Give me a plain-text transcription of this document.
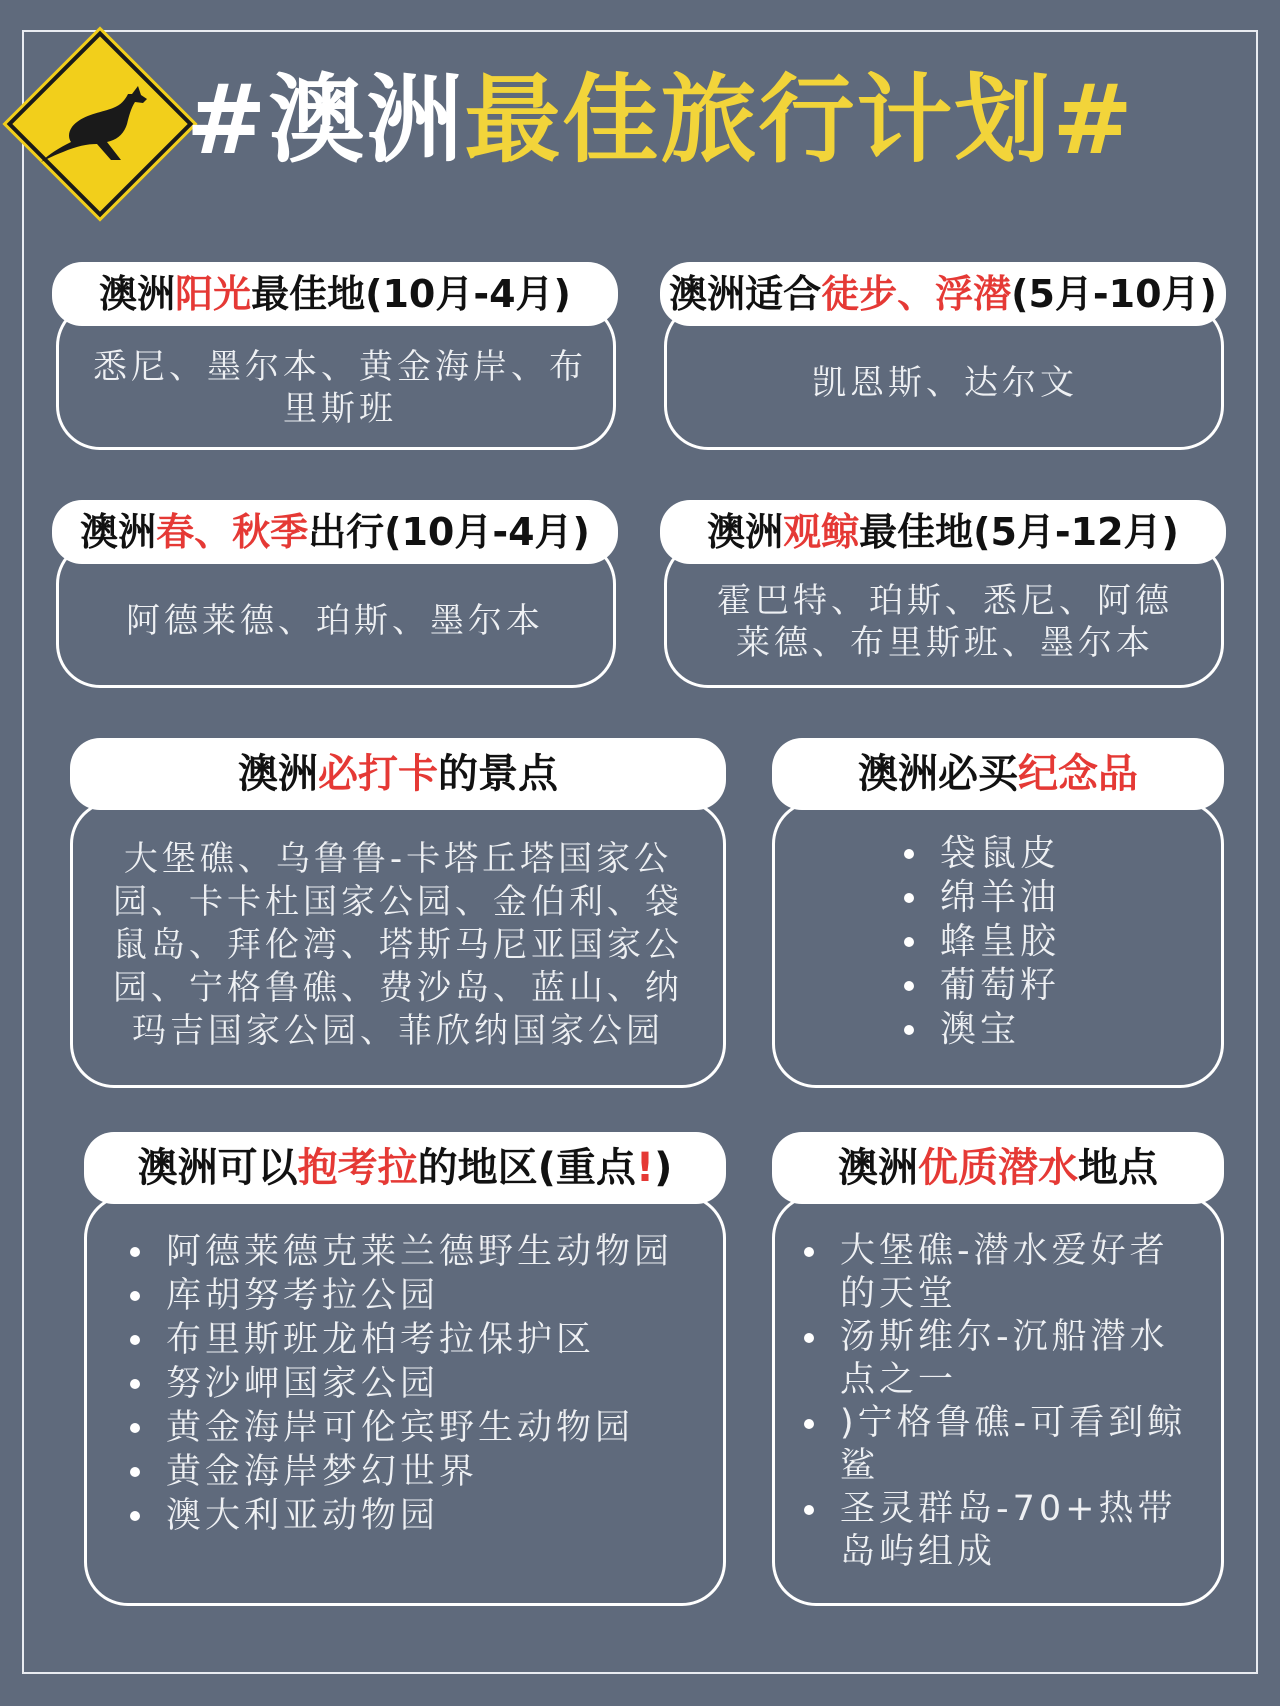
#澳洲最佳旅行计划#
澳洲阳光最佳地(10月-4月)
悉尼、墨尔本、黄金海岸、布里斯班
澳洲适合徒步、浮潜(5月-10月)
凯恩斯、达尔文
澳洲春、秋季出行(10月-4月)
阿德莱德、珀斯、墨尔本
澳洲观鲸最佳地(5月-12月)
霍巴特、珀斯、悉尼、阿德莱德、布里斯班、墨尔本
澳洲必打卡的景点
大堡礁、乌鲁鲁-卡塔丘塔国家公园、卡卡杜国家公园、金伯利、袋鼠岛、拜伦湾、塔斯马尼亚国家公园、宁格鲁礁、费沙岛、蓝山、纳玛吉国家公园、菲欣纳国家公园
澳洲必买纪念品
袋鼠皮
绵羊油
蜂皇胶
葡萄籽
澳宝
澳洲可以抱考拉的地区(重点!)
阿德莱德克莱兰德野生动物园
库胡努考拉公园
布里斯班龙柏考拉保护区
努沙岬国家公园
黄金海岸可伦宾野生动物园
黄金海岸梦幻世界
澳大利亚动物园
澳洲优质潜水地点
大堡礁-潜水爱好者的天堂
汤斯维尔-沉船潜水点之一
)宁格鲁礁-可看到鲸鲨
圣灵群岛-70+热带岛屿组成
